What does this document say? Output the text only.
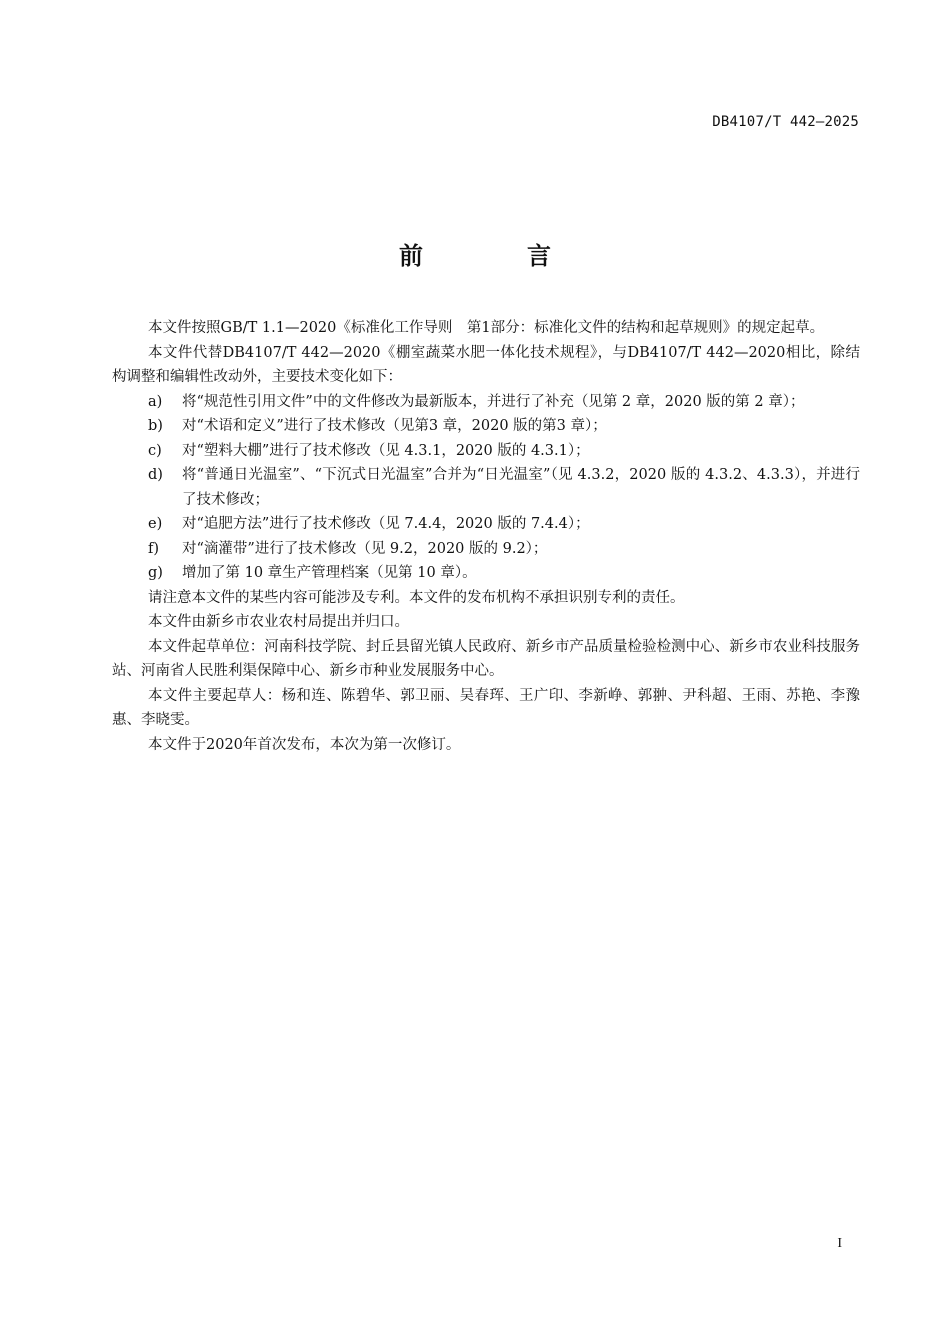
DB4107/T 442—2025
前　言

本文件按照GB/T 1.1—2020《标准化工作导则　第1部分：标准化文件的结构和起草规则》的规定起草。

本文件代替DB4107/T 442—2020《棚室蔬菜水肥一体化技术规程》，与DB4107/T 442—2020相比，除结构调整和编辑性改动外，主要技术变化如下：

a) 将“规范性引用文件”中的文件修改为最新版本，并进行了补充（见第 2 章，2020 版的第 2 章）；
b) 对“术语和定义”进行了技术修改（见第3 章，2020 版的第3 章）；
c) 对“塑料大棚”进行了技术修改（见 4.3.1，2020 版的 4.3.1）；
d) 将“普通日光温室”、“下沉式日光温室”合并为“日光温室”（见 4.3.2，2020 版的 4.3.2、4.3.3），并进行了技术修改；
e) 对“追肥方法”进行了技术修改（见 7.4.4，2020 版的 7.4.4）；
f) 对“滴灌带”进行了技术修改（见 9.2，2020 版的 9.2）；
g) 增加了第 10 章生产管理档案（见第 10 章）。

请注意本文件的某些内容可能涉及专利。本文件的发布机构不承担识别专利的责任。

本文件由新乡市农业农村局提出并归口。

本文件起草单位：河南科技学院、封丘县留光镇人民政府、新乡市产品质量检验检测中心、新乡市农业科技服务站、河南省人民胜利渠保障中心、新乡市种业发展服务中心。

本文件主要起草人：杨和连、陈碧华、郭卫丽、吴春珲、王广印、李新峥、郭翀、尹科超、王雨、苏艳、李豫惠、李晓雯。

本文件于2020年首次发布，本次为第一次修订。

I
